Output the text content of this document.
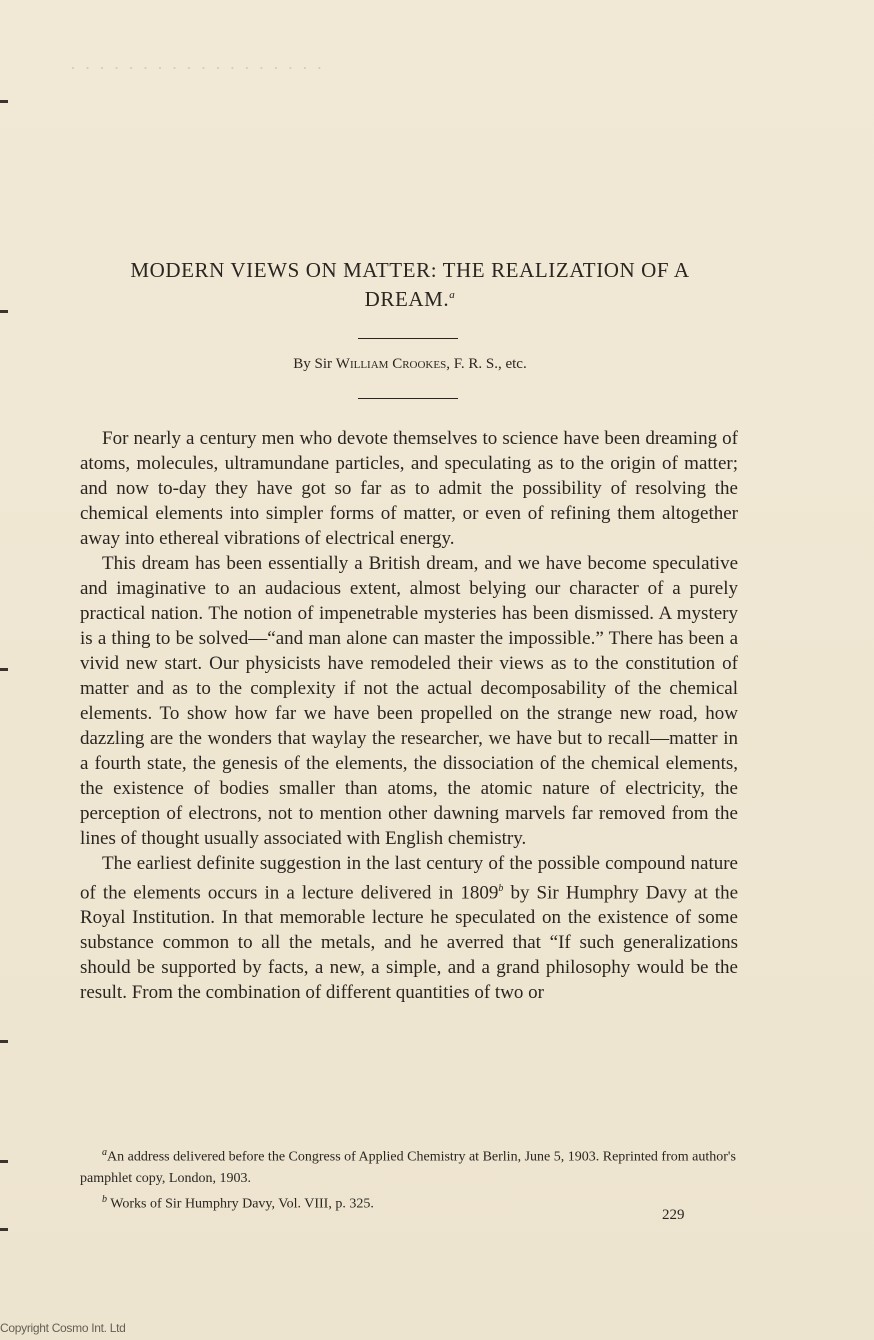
· · · · · · · · · · · · · · · · · ·
MODERN VIEWS ON MATTER: THE REALIZATION OF A
DREAM.$^a$
By Sir William Crookes, F. R. S., etc.

For nearly a century men who devote themselves to science have been dreaming of atoms, molecules, ultramundane particles, and speculating as to the origin of matter; and now to-day they have got so far as to admit the possibility of resolving the chemical elements into simpler forms of matter, or even of refining them altogether away into ethereal vibrations of electrical energy.

This dream has been essentially a British dream, and we have become speculative and imaginative to an audacious extent, almost belying our character of a purely practical nation. The notion of impenetrable mysteries has been dismissed. A mystery is a thing to be solved—“and man alone can master the impossible.” There has been a vivid new start. Our physicists have remodeled their views as to the constitution of matter and as to the complexity if not the actual decomposability of the chemical elements. To show how far we have been propelled on the strange new road, how dazzling are the wonders that waylay the researcher, we have but to recall—matter in a fourth state, the genesis of the elements, the dissociation of the chemical elements, the existence of bodies smaller than atoms, the atomic nature of electricity, the perception of electrons, not to mention other dawning marvels far removed from the lines of thought usually associated with English chemistry.

The earliest definite suggestion in the last century of the possible compound nature of the elements occurs in a lecture delivered in 1809$^b$ by Sir Humphry Davy at the Royal Institution. In that memorable lecture he speculated on the existence of some substance common to all the metals, and he averred that “If such generalizations should be supported by facts, a new, a simple, and a grand philosophy would be the result. From the combination of different quantities of two or

$^a$An address delivered before the Congress of Applied Chemistry at Berlin, June 5, 1903. Reprinted from author's pamphlet copy, London, 1903.

$^b$ Works of Sir Humphry Davy, Vol. VIII, p. 325.

229
Copyright Cosmo Int. Ltd
